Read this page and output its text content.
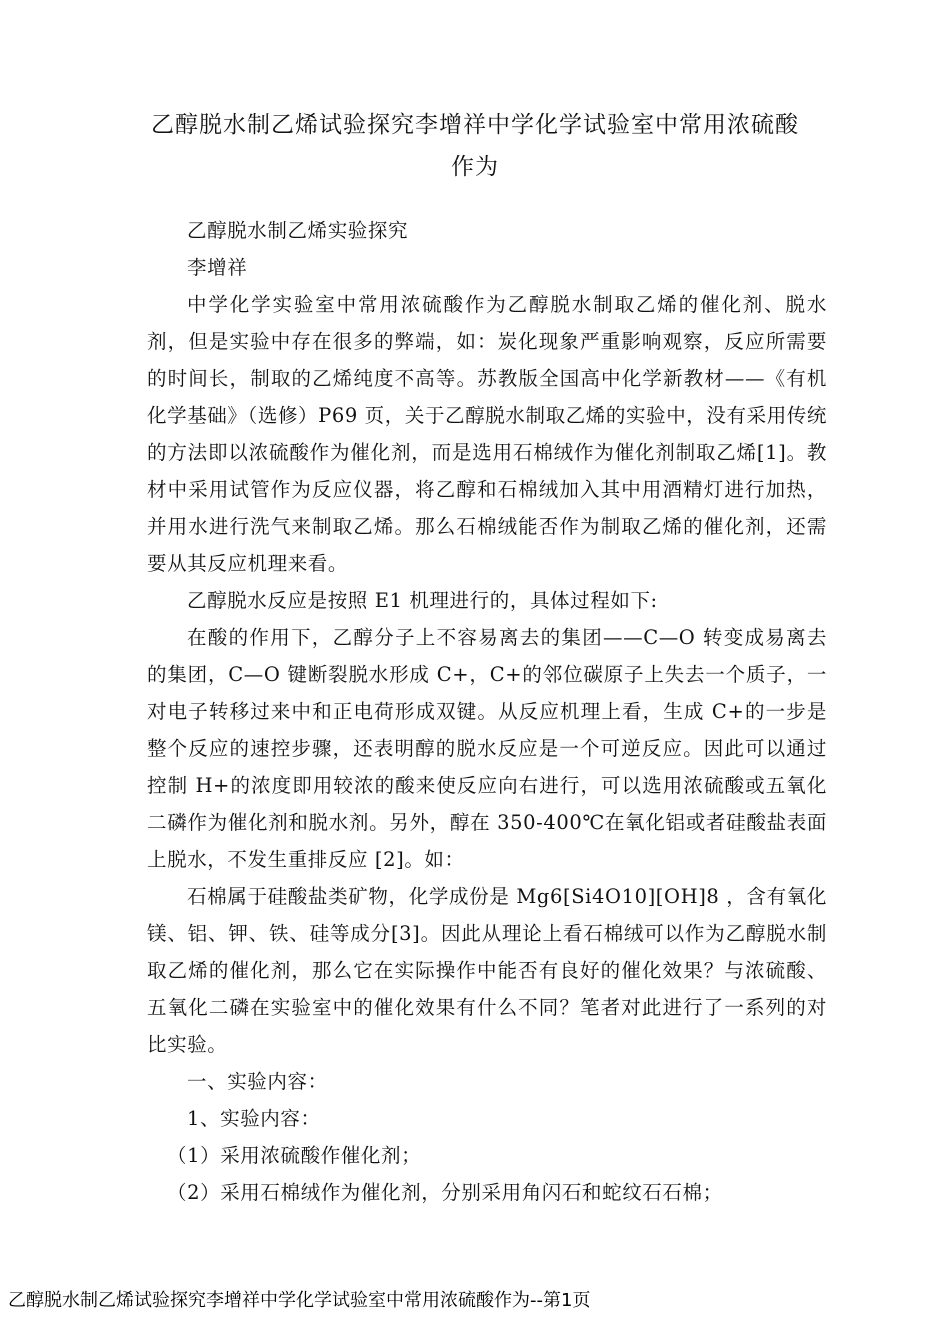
乙醇脱水制乙烯试验探究李增祥中学化学试验室中常用浓硫酸
作为

乙醇脱水制乙烯实验探究

李增祥

中学化学实验室中常用浓硫酸作为乙醇脱水制取乙烯的催化剂、脱水剂，但是实验中存在很多的弊端，如：炭化现象严重影响观察，反应所需要的时间长，制取的乙烯纯度不高等。苏教版全国高中化学新教材——《有机化学基础》（选修）P69 页，关于乙醇脱水制取乙烯的实验中，没有采用传统的方法即以浓硫酸作为催化剂，而是选用石棉绒作为催化剂制取乙烯[1]。教材中采用试管作为反应仪器，将乙醇和石棉绒加入其中用酒精灯进行加热，并用水进行洗气来制取乙烯。那么石棉绒能否作为制取乙烯的催化剂，还需要从其反应机理来看。

乙醇脱水反应是按照 E1 机理进行的，具体过程如下:

在酸的作用下，乙醇分子上不容易离去的集团——C—O 转变成易离去的集团，C—O 键断裂脱水形成 C+，C+的邻位碳原子上失去一个质子，一对电子转移过来中和正电荷形成双键。从反应机理上看，生成 C+的一步是整个反应的速控步骤，还表明醇的脱水反应是一个可逆反应。因此可以通过控制 H+的浓度即用较浓的酸来使反应向右进行，可以选用浓硫酸或五氧化二磷作为催化剂和脱水剂。另外，醇在 350-400℃在氧化铝或者硅酸盐表面上脱水，不发生重排反应 [2]。如：

石棉属于硅酸盐类矿物，化学成份是 Mg6[Si4O10][OH]8 ，含有氧化镁、铝、钾、铁、硅等成分[3]。因此从理论上看石棉绒可以作为乙醇脱水制取乙烯的催化剂，那么它在实际操作中能否有良好的催化效果？与浓硫酸、五氧化二磷在实验室中的催化效果有什么不同？笔者对此进行了一系列的对比实验。

一、实验内容：

1、实验内容：

（1）采用浓硫酸作催化剂；

（2）采用石棉绒作为催化剂，分别采用角闪石和蛇纹石石棉；

乙醇脱水制乙烯试验探究李增祥中学化学试验室中常用浓硫酸作为--第1页
